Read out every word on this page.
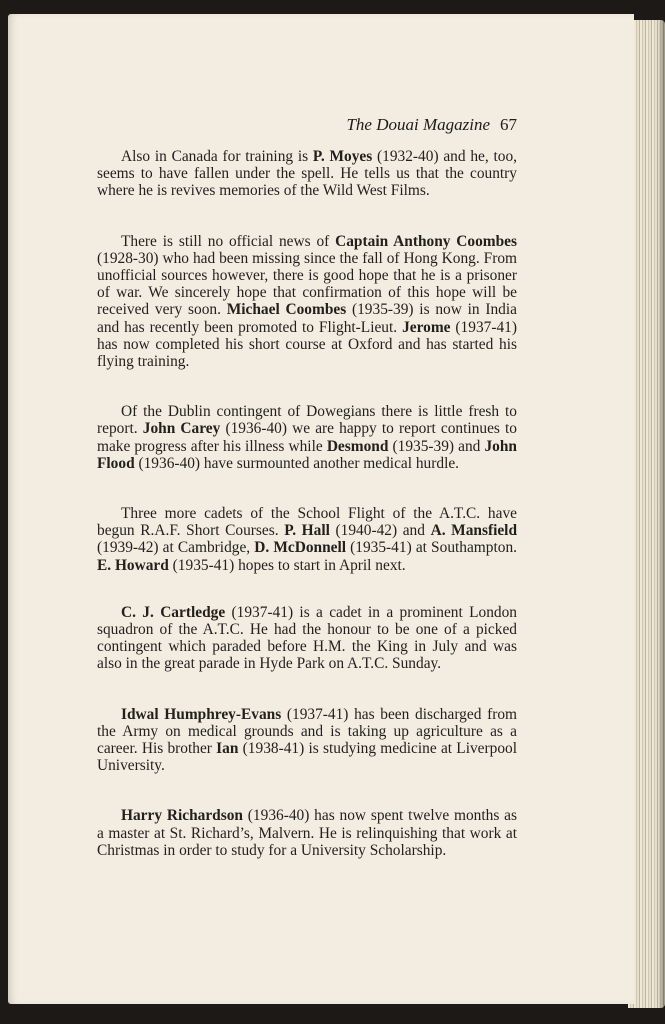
The Douai Magazine 67

Also in Canada for training is P. Moyes (1932-40) and he, too, seems to have fallen under the spell. He tells us that the country where he is revives memories of the Wild West Films.

There is still no official news of Captain Anthony Coombes (1928-30) who had been missing since the fall of Hong Kong. From unofficial sources however, there is good hope that he is a prisoner of war. We sincerely hope that confirmation of this hope will be received very soon. Michael Coombes (1935-39) is now in India and has recently been promoted to Flight-Lieut. Jerome (1937-41) has now completed his short course at Oxford and has started his flying training.

Of the Dublin contingent of Dowegians there is little fresh to report. John Carey (1936-40) we are happy to report continues to make progress after his illness while Desmond (1935-39) and John Flood (1936-40) have surmounted another medical hurdle.

Three more cadets of the School Flight of the A.T.C. have begun R.A.F. Short Courses. P. Hall (1940-42) and A. Mansfield (1939-42) at Cambridge, D. McDonnell (1935-41) at Southampton. E. Howard (1935-41) hopes to start in April next.

C. J. Cartledge (1937-41) is a cadet in a prominent London squadron of the A.T.C. He had the honour to be one of a picked contingent which paraded before H.M. the King in July and was also in the great parade in Hyde Park on A.T.C. Sunday.

Idwal Humphrey-Evans (1937-41) has been discharged from the Army on medical grounds and is taking up agriculture as a career. His brother Ian (1938-41) is studying medicine at Liverpool University.

Harry Richardson (1936-40) has now spent twelve months as a master at St. Richard’s, Malvern. He is relinquishing that work at Christmas in order to study for a University Scholarship.
